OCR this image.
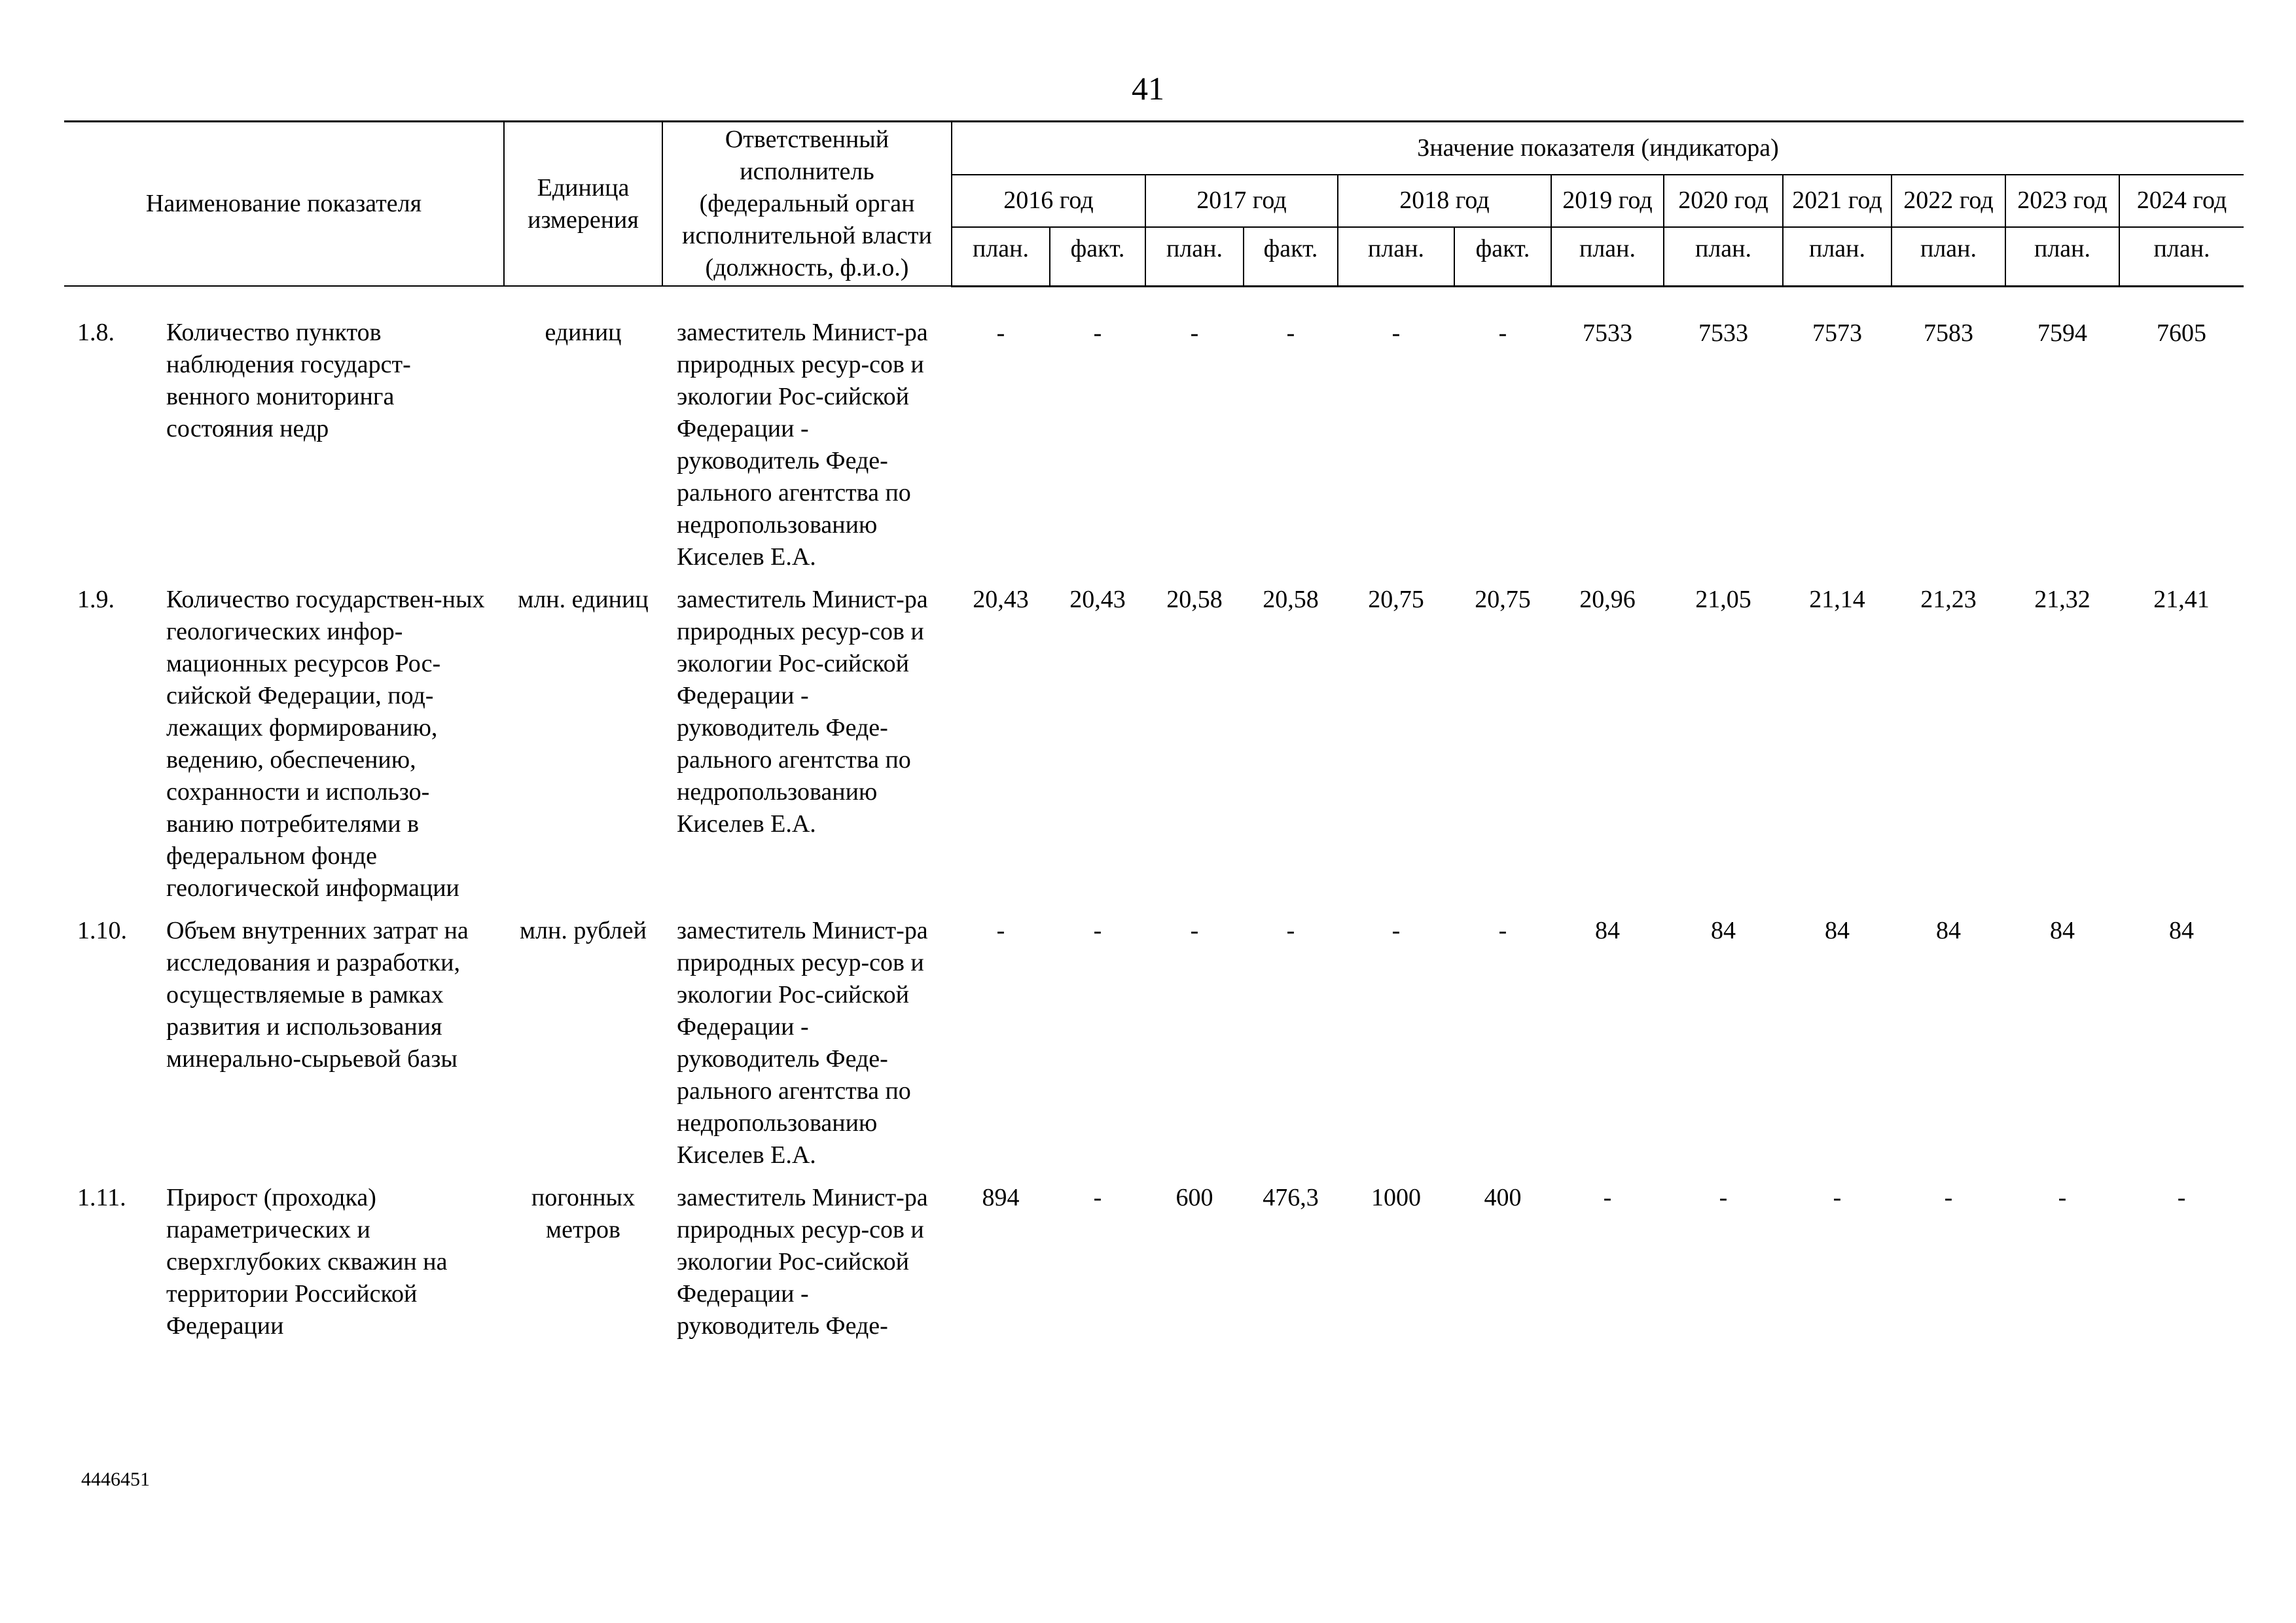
41
Наименование показателя	Единица измерения	Ответственный исполнитель (федеральный орган исполнительной власти (должность, ф.и.о.)	Значение показателя (индикатора)											
			2016 год		2017 год		2018 год		2019 год	2020 год	2021 год	2022 год	2023 год	2024 год
			план.	факт.	план.	факт.	план.	факт.	план.	план.	план.	план.	план.	план.

1.8. Количество пунктов наблюдения государст-венного мониторинга состояния недр	единиц	заместитель Минист-ра природных ресур-сов и экологии Рос-сийской Федерации - руководитель Феде-рального агентства по недропользованию Киселев Е.А.	-	-	-	-	-	-	7533	7533	7573	7583	7594	7605

1.9. Количество государствен-ных геологических инфор-мационных ресурсов Рос-сийской Федерации, под-лежащих формированию, ведению, обеспечению, сохранности и использо-ванию потребителями в федеральном фонде геологической информации	млн. единиц	заместитель Минист-ра природных ресур-сов и экологии Рос-сийской Федерации - руководитель Феде-рального агентства по недропользованию Киселев Е.А.	20,43	20,43	20,58	20,58	20,75	20,75	20,96	21,05	21,14	21,23	21,32	21,41

1.10. Объем внутренних затрат на исследования и разработки, осуществляемые в рамках развития и использования минерально-сырьевой базы	млн. рублей	заместитель Минист-ра природных ресур-сов и экологии Рос-сийской Федерации - руководитель Феде-рального агентства по недропользованию Киселев Е.А.	-	-	-	-	-	-	84	84	84	84	84	84

1.11. Прирост (проходка) параметрических и сверхглубоких скважин на территории Российской Федерации	погонных метров	заместитель Минист-ра природных ресур-сов и экологии Рос-сийской Федерации - руководитель Феде-	894	-	600	476,3	1000	400	-	-	-	-	-	-
4446451
